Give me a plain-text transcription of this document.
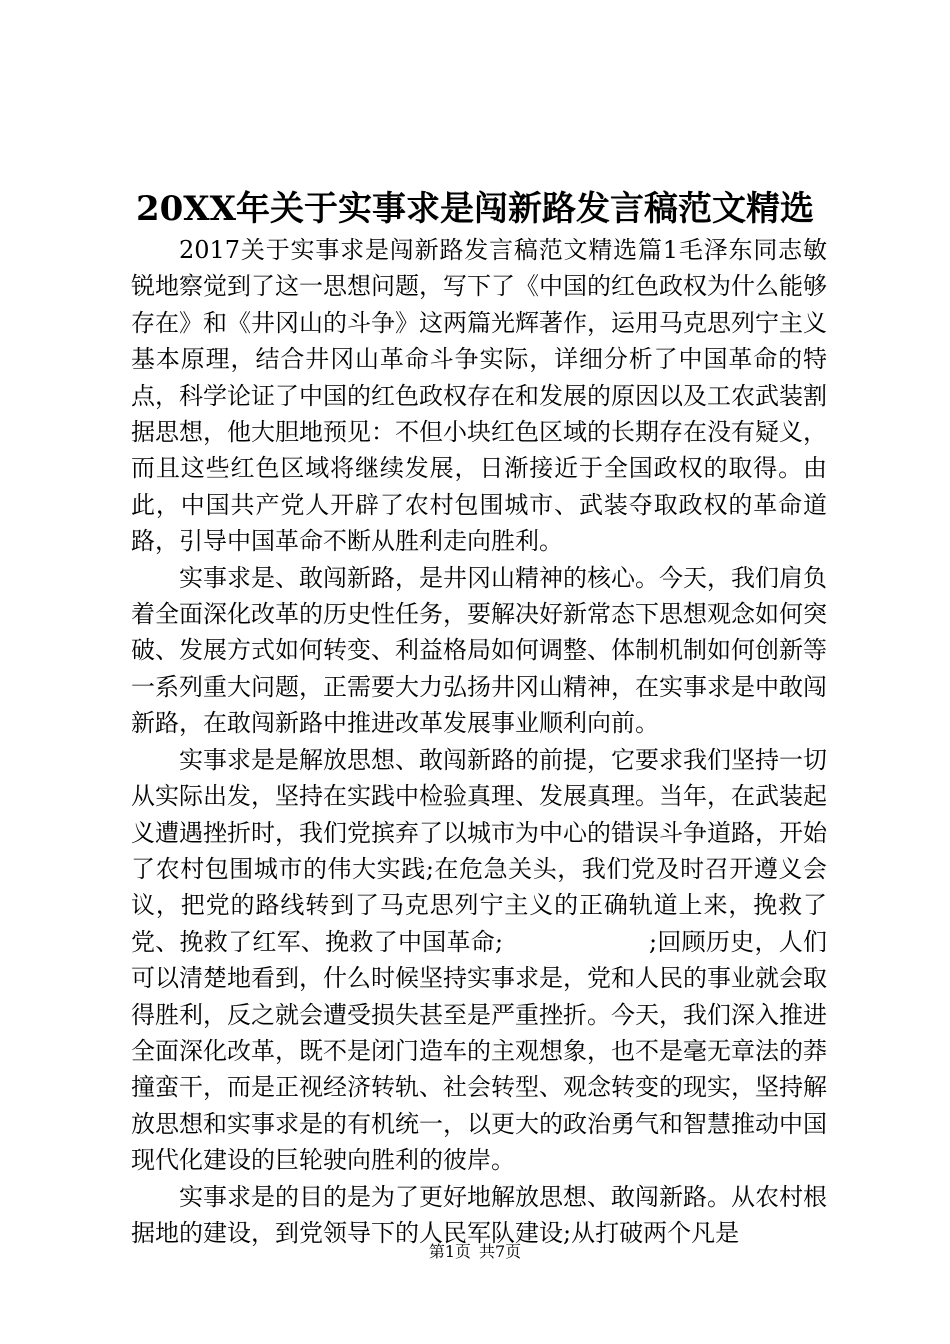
20XX年关于实事求是闯新路发言稿范文精选

2017关于实事求是闯新路发言稿范文精选篇1毛泽东同志敏锐地察觉到了这一思想问题，写下了《中国的红色政权为什么能够存在》和《井冈山的斗争》这两篇光辉著作，运用马克思列宁主义基本原理，结合井冈山革命斗争实际，详细分析了中国革命的特点，科学论证了中国的红色政权存在和发展的原因以及工农武装割据思想，他大胆地预见：不但小块红色区域的长期存在没有疑义，而且这些红色区域将继续发展，日渐接近于全国政权的取得。由此，中国共产党人开辟了农村包围城市、武装夺取政权的革命道路，引导中国革命不断从胜利走向胜利。

实事求是、敢闯新路，是井冈山精神的核心。今天，我们肩负着全面深化改革的历史性任务，要解决好新常态下思想观念如何突破、发展方式如何转变、利益格局如何调整、体制机制如何创新等一系列重大问题，正需要大力弘扬井冈山精神，在实事求是中敢闯新路，在敢闯新路中推进改革发展事业顺利向前。

实事求是是解放思想、敢闯新路的前提，它要求我们坚持一切从实际出发，坚持在实践中检验真理、发展真理。当年，在武装起义遭遇挫折时，我们党摈弃了以城市为中心的错误斗争道路，开始了农村包围城市的伟大实践;在危急关头，我们党及时召开遵义会议，把党的路线转到了马克思列宁主义的正确轨道上来，挽救了党、挽救了红军、挽救了中国革命;　　　　　　;回顾历史，人们可以清楚地看到，什么时候坚持实事求是，党和人民的事业就会取得胜利，反之就会遭受损失甚至是严重挫折。今天，我们深入推进全面深化改革，既不是闭门造车的主观想象，也不是毫无章法的莽撞蛮干，而是正视经济转轨、社会转型、观念转变的现实，坚持解放思想和实事求是的有机统一，以更大的政治勇气和智慧推动中国现代化建设的巨轮驶向胜利的彼岸。

实事求是的目的是为了更好地解放思想、敢闯新路。从农村根据地的建设，到党领导下的人民军队建设;从打破两个凡是

第1页 共7页
